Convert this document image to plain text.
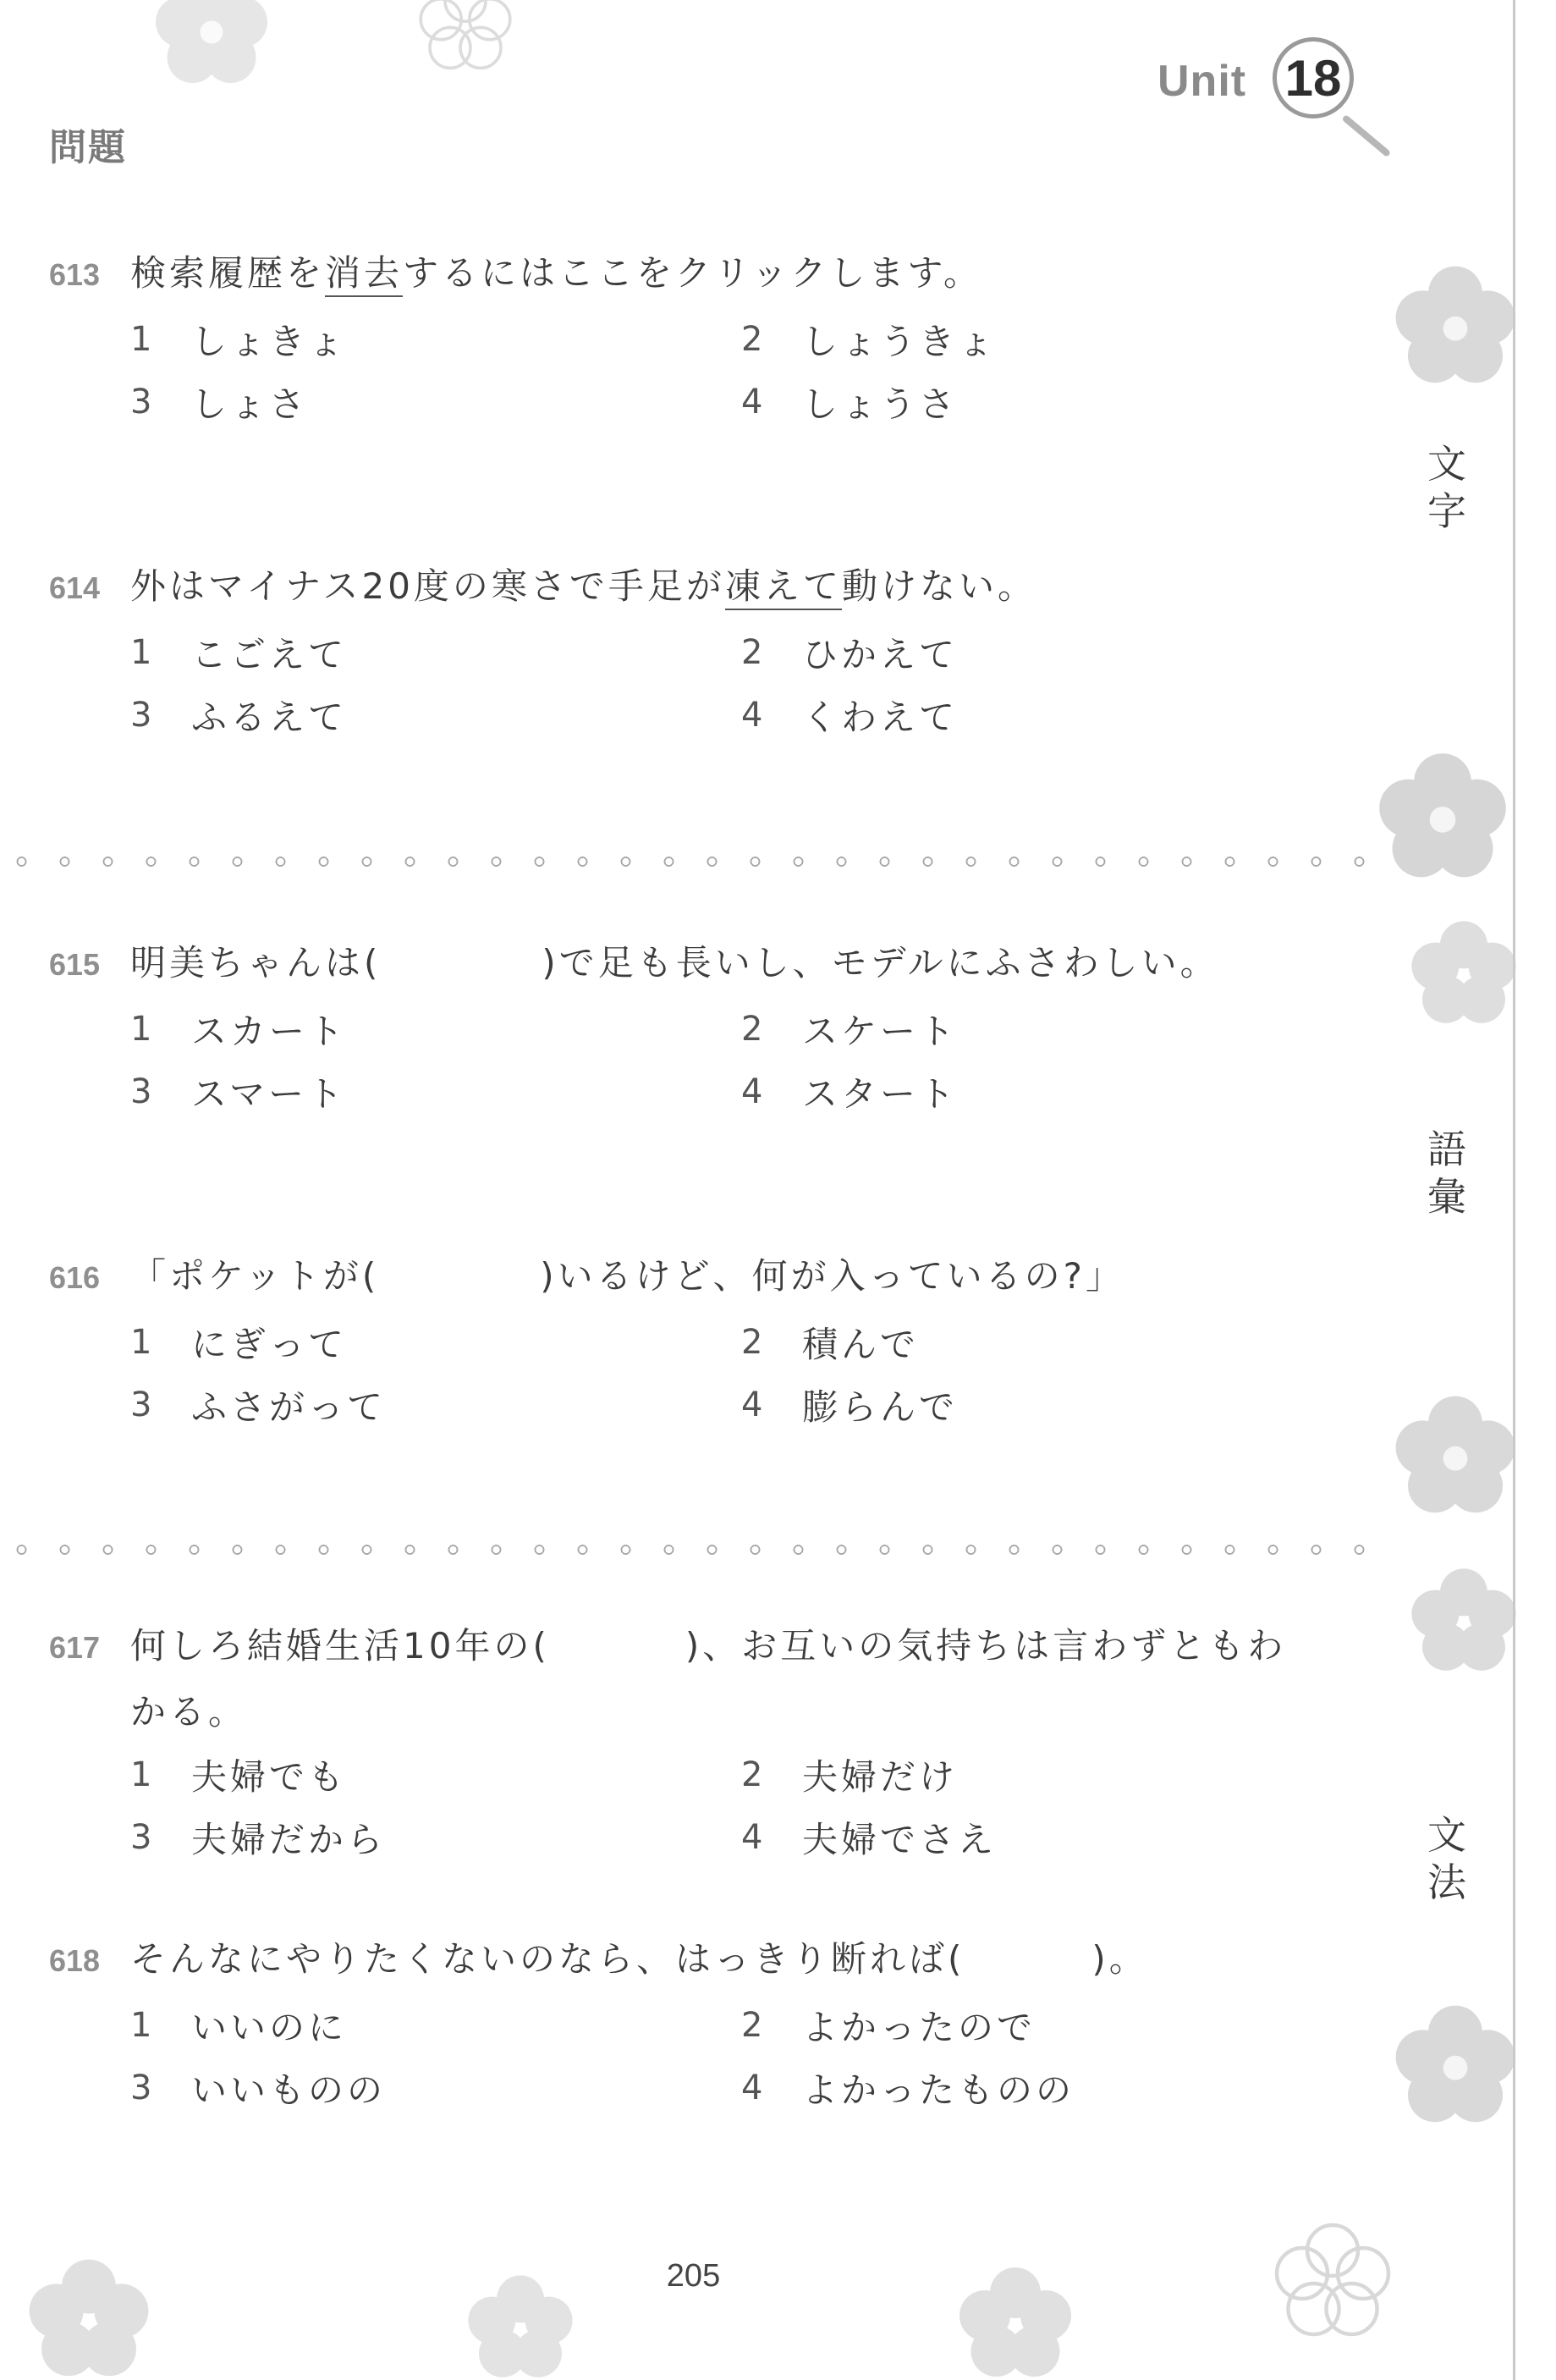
Unit 18
問題
文字
語彙
文法
613 検索履歴を消去するにはここをクリックします。
1	しょきょ	2	しょうきょ
3	しょさ	4	しょうさ
614 外はマイナス20度の寒さで手足が凍えて動けない。
1	こごえて	2	ひかえて
3	ふるえて	4	くわえて
615 明美ちゃんは(	)で足も長いし、モデルにふさわしい。
1	スカート	2	スケート
3	スマート	4	スタート
616 「ポケットが(	)いるけど、何が入っているの?」
1	にぎって	2	積んで
3	ふさがって	4	膨らんで
617 何しろ結婚生活10年の(	)、お互いの気持ちは言わずともわ
かる。
1	夫婦でも	2	夫婦だけ
3	夫婦だから	4	夫婦でさえ
618 そんなにやりたくないのなら、はっきり断れば(	)。
1	いいのに	2	よかったので
3	いいものの	4	よかったものの
205
